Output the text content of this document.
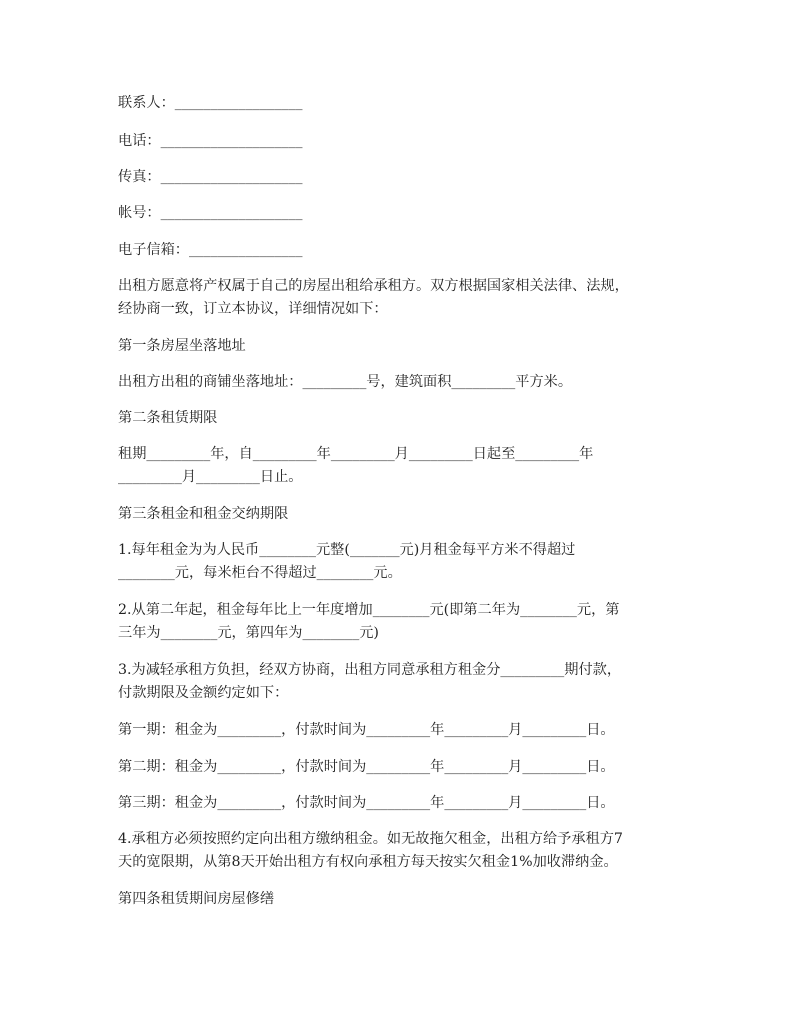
联系人：__________________
电话：____________________
传真：____________________
帐号：____________________
电子信箱：________________
出租方愿意将产权属于自己的房屋出租给承租方。双方根据国家相关法律、法规，
经协商一致，订立本协议，详细情况如下：
第一条房屋坐落地址
出租方出租的商铺坐落地址：_________号，建筑面积_________平方米。
第二条租赁期限
租期_________年，自_________年_________月_________日起至_________年
_________月_________日止。
第三条租金和租金交纳期限
1.每年租金为为人民币________元整(_______元)月租金每平方米不得超过
________元，每米柜台不得超过________元。
2.从第二年起，租金每年比上一年度增加________元(即第二年为________元，第
三年为________元，第四年为________元)
3.为减轻承租方负担，经双方协商，出租方同意承租方租金分_________期付款，
付款期限及金额约定如下：
第一期：租金为_________，付款时间为_________年_________月_________日。
第二期：租金为_________，付款时间为_________年_________月_________日。
第三期：租金为_________，付款时间为_________年_________月_________日。
4.承租方必须按照约定向出租方缴纳租金。如无故拖欠租金，出租方给予承租方7
天的宽限期，从第8天开始出租方有权向承租方每天按实欠租金1%加收滞纳金。
第四条租赁期间房屋修缮
